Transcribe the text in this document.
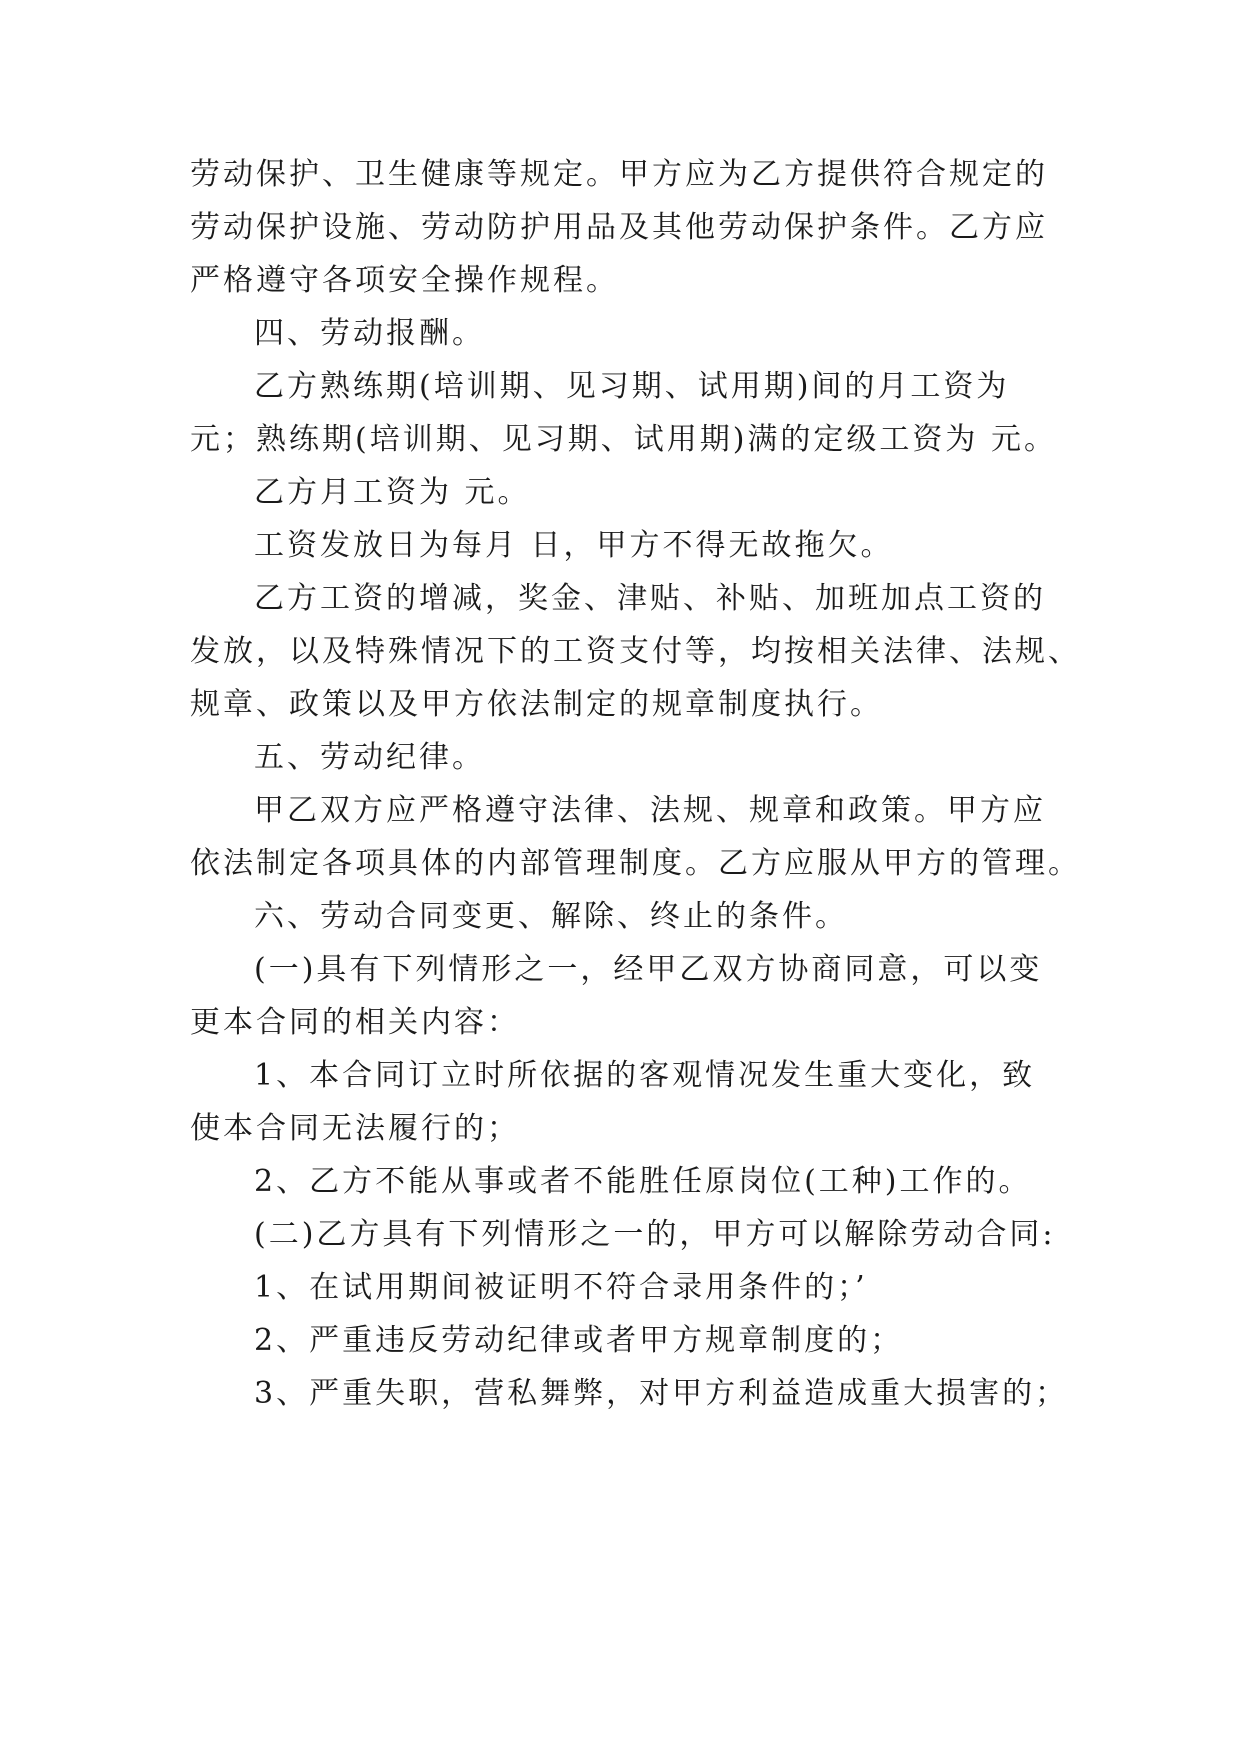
劳动保护、卫生健康等规定。甲方应为乙方提供符合规定的
劳动保护设施、劳动防护用品及其他劳动保护条件。乙方应
严格遵守各项安全操作规程。
四、劳动报酬。
乙方熟练期(培训期、见习期、试用期)间的月工资为
元；熟练期(培训期、见习期、试用期)满的定级工资为 元。
乙方月工资为 元。
工资发放日为每月 日，甲方不得无故拖欠。
乙方工资的增减，奖金、津贴、补贴、加班加点工资的
发放，以及特殊情况下的工资支付等，均按相关法律、法规、
规章、政策以及甲方依法制定的规章制度执行。
五、劳动纪律。
甲乙双方应严格遵守法律、法规、规章和政策。甲方应
依法制定各项具体的内部管理制度。乙方应服从甲方的管理。
六、劳动合同变更、解除、终止的条件。
(一)具有下列情形之一，经甲乙双方协商同意，可以变
更本合同的相关内容：
1、本合同订立时所依据的客观情况发生重大变化，致
使本合同无法履行的；
2、乙方不能从事或者不能胜任原岗位(工种)工作的。
(二)乙方具有下列情形之一的，甲方可以解除劳动合同:
1、在试用期间被证明不符合录用条件的；’
2、严重违反劳动纪律或者甲方规章制度的；
3、严重失职，营私舞弊，对甲方利益造成重大损害的；
